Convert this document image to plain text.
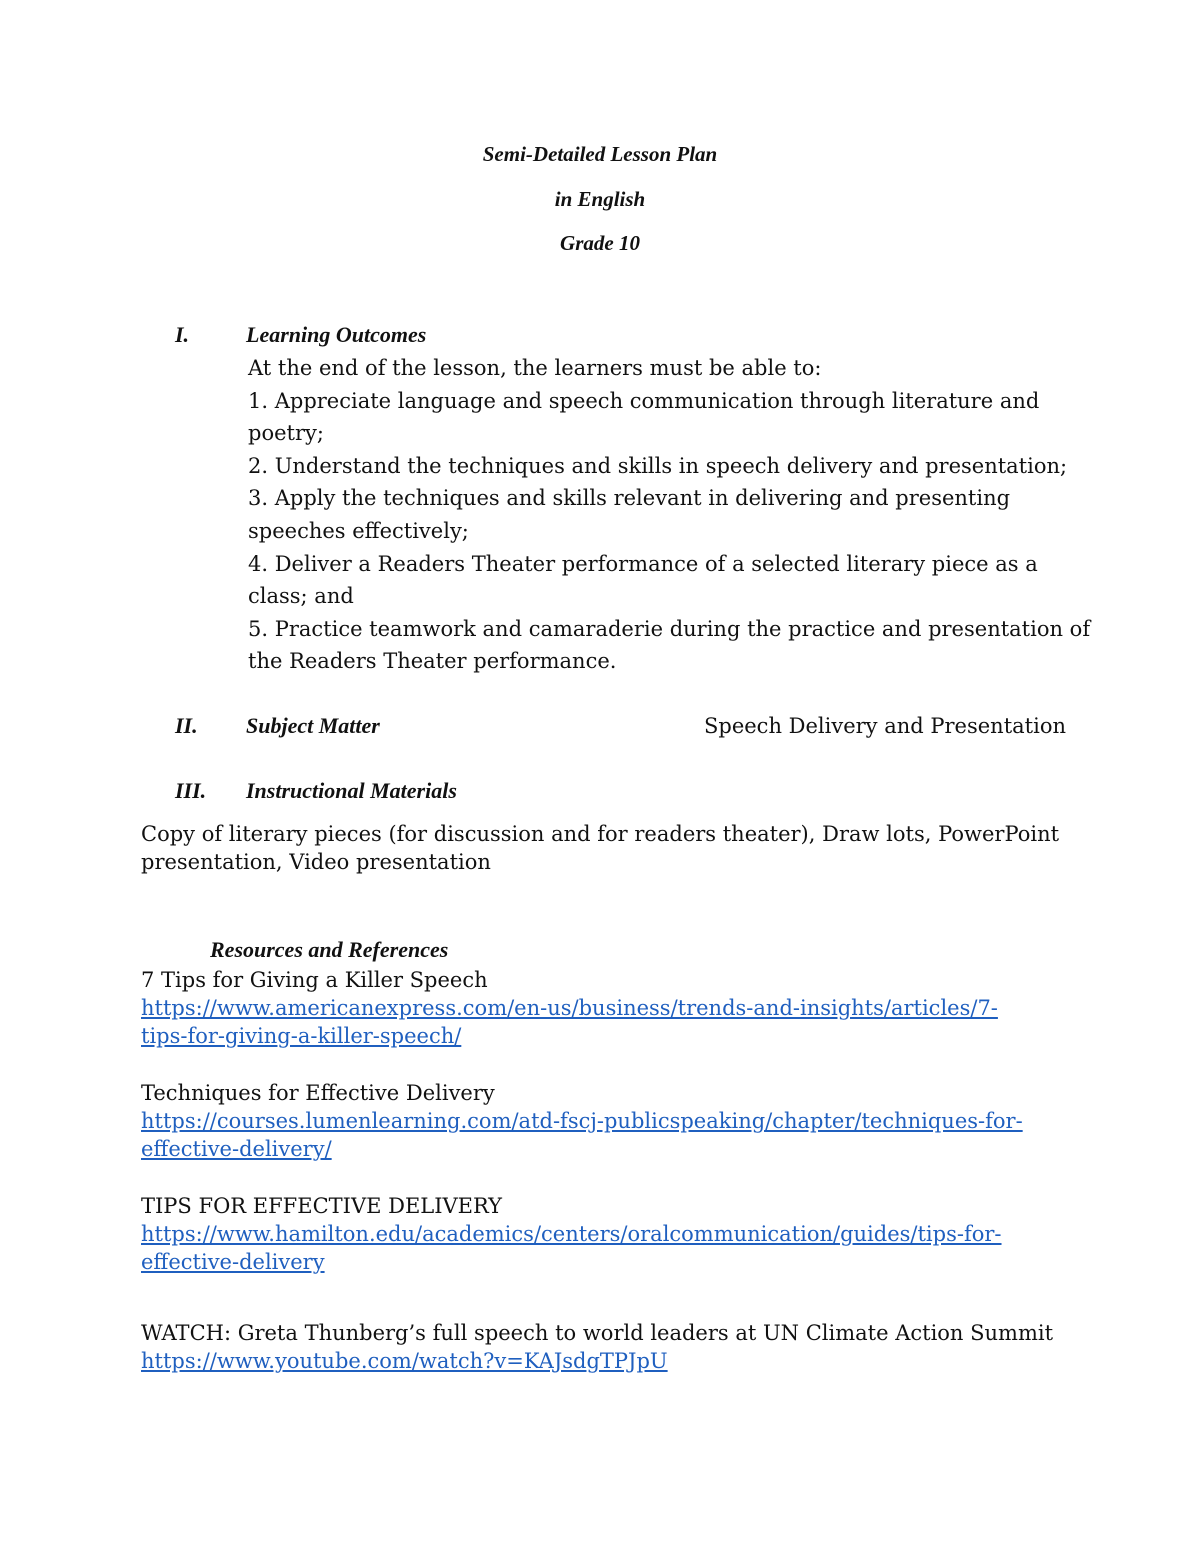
Semi-Detailed Lesson Plan
in English
Grade 10
I.	Learning Outcomes
At the end of the lesson, the learners must be able to:
1. Appreciate language and speech communication through literature and
poetry;
2. Understand the techniques and skills in speech delivery and presentation;
3. Apply the techniques and skills relevant in delivering and presenting
speeches effectively;
4. Deliver a Readers Theater performance of a selected literary piece as a
class; and
5. Practice teamwork and camaraderie during the practice and presentation of
the Readers Theater performance.
II. Subject Matter	Speech Delivery and Presentation
III. Instructional Materials
Copy of literary pieces (for discussion and for readers theater), Draw lots, PowerPoint
presentation, Video presentation
Resources and References
7 Tips for Giving a Killer Speech
https://www.americanexpress.com/en-us/business/trends-and-insights/articles/7-
tips-for-giving-a-killer-speech/
Techniques for Effective Delivery
https://courses.lumenlearning.com/atd-fscj-publicspeaking/chapter/techniques-for-
effective-delivery/
TIPS FOR EFFECTIVE DELIVERY
https://www.hamilton.edu/academics/centers/oralcommunication/guides/tips-for-
effective-delivery
WATCH: Greta Thunberg’s full speech to world leaders at UN Climate Action Summit
https://www.youtube.com/watch?v=KAJsdgTPJpU
